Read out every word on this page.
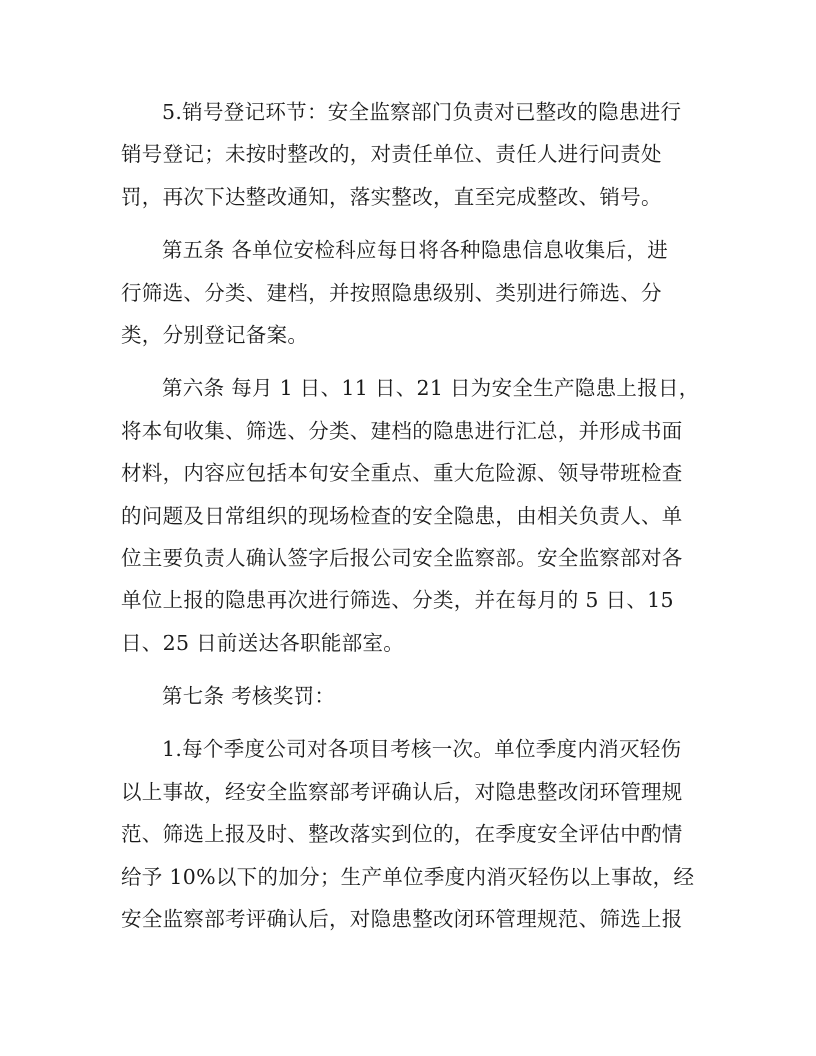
5.销号登记环节：安全监察部门负责对已整改的隐患进行
销号登记；未按时整改的，对责任单位、责任人进行问责处
罚，再次下达整改通知，落实整改，直至完成整改、销号。
第五条 各单位安检科应每日将各种隐患信息收集后，进
行筛选、分类、建档，并按照隐患级别、类别进行筛选、分
类，分别登记备案。
第六条 每月 1 日、11 日、21 日为安全生产隐患上报日，
将本旬收集、筛选、分类、建档的隐患进行汇总，并形成书面
材料，内容应包括本旬安全重点、重大危险源、领导带班检查
的问题及日常组织的现场检查的安全隐患，由相关负责人、单
位主要负责人确认签字后报公司安全监察部。安全监察部对各
单位上报的隐患再次进行筛选、分类，并在每月的 5 日、15
日、25 日前送达各职能部室。
第七条 考核奖罚：
1.每个季度公司对各项目考核一次。单位季度内消灭轻伤
以上事故，经安全监察部考评确认后，对隐患整改闭环管理规
范、筛选上报及时、整改落实到位的，在季度安全评估中酌情
给予 10%以下的加分；生产单位季度内消灭轻伤以上事故，经
安全监察部考评确认后，对隐患整改闭环管理规范、筛选上报
